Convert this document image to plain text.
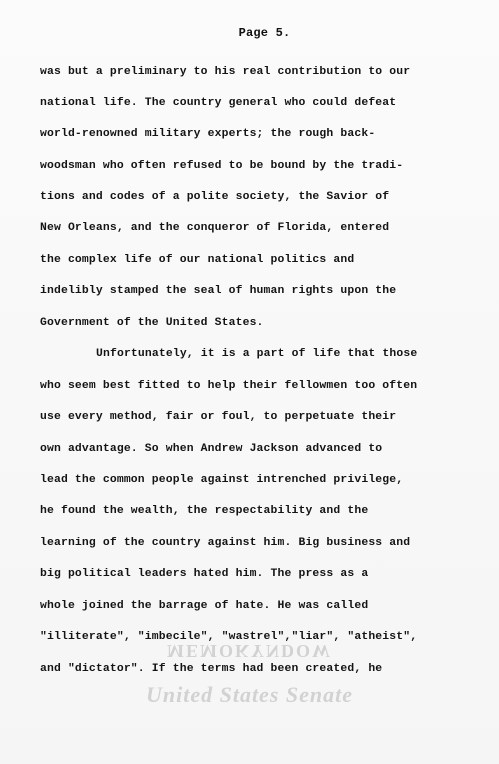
Page 5.
was but a preliminary to his real contribution to our
national life. The country general who could defeat
world-renowned military experts; the rough back-
woodsman who often refused to be bound by the tradi-
tions and codes of a polite society, the Savior of
New Orleans, and the conqueror of Florida, entered
the complex life of our national politics and
indelibly stamped the seal of human rights upon the
Government of the United States.
Unfortunately, it is a part of life that those
who seem best fitted to help their fellowmen too often
use every method, fair or foul, to perpetuate their
own advantage. So when Andrew Jackson advanced to
lead the common people against intrenched privilege,
he found the wealth, the respectability and the
learning of the country against him. Big business and
big political leaders hated him. The press as a
whole joined the barrage of hate. He was called
"illiterate", "imbecile", "wastrel","liar", "atheist",
and "dictator". If the terms had been created, he
MEMOKYNDOW
United States Senate
